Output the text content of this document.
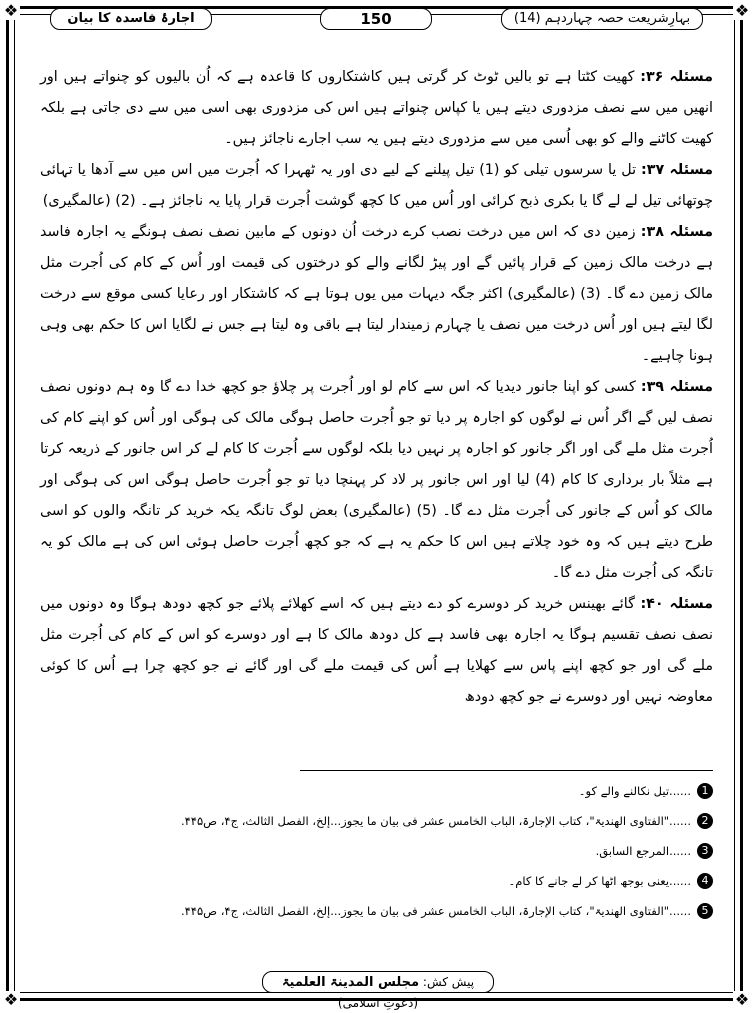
❖	❖
❖	❖
بہارِشریعت حصہ چہاردہم (14)
150
اجارۂ فاسدہ کا بیان

مسئلہ ۳۶: کھیت کٹتا ہے تو بالیں ٹوٹ کر گرتی ہیں کاشتکاروں کا قاعدہ ہے کہ اُن بالیوں کو چنواتے ہیں اور انھیں میں سے نصف مزدوری دیتے ہیں یا کپاس چنواتے ہیں اس کی مزدوری بھی اسی میں سے دی جاتی ہے بلکہ کھیت کاٹنے والے کو بھی اُسی میں سے مزدوری دیتے ہیں یہ سب اجارے ناجائز ہیں۔

مسئلہ ۳۷: تل یا سرسوں تیلی کو (1) تیل پیلنے کے لیے دی اور یہ ٹھہرا کہ اُجرت میں اس میں سے آدھا یا تہائی چوتھائی تیل لے لے گا یا بکری ذبح کرائی اور اُس میں کا کچھ گوشت اُجرت قرار پایا یہ ناجائز ہے۔ (2) (عالمگیری)

مسئلہ ۳۸: زمین دی کہ اس میں درخت نصب کرے درخت اُن دونوں کے مابین نصف نصف ہونگے یہ اجارہ فاسد ہے درخت مالک زمین کے قرار پائیں گے اور پیڑ لگانے والے کو درختوں کی قیمت اور اُس کے کام کی اُجرت مثل مالک زمین دے گا۔ (3) (عالمگیری) اکثر جگہ دیہات میں یوں ہوتا ہے کہ کاشتکار اور رعایا کسی موقع سے درخت لگا لیتے ہیں اور اُس درخت میں نصف یا چہارم زمیندار لیتا ہے باقی وہ لیتا ہے جس نے لگایا اس کا حکم بھی وہی ہونا چاہیے۔

مسئلہ ۳۹: کسی کو اپنا جانور دیدیا کہ اس سے کام لو اور اُجرت پر چلاؤ جو کچھ خدا دے گا وہ ہم دونوں نصف نصف لیں گے اگر اُس نے لوگوں کو اجارہ پر دیا تو جو اُجرت حاصل ہوگی مالک کی ہوگی اور اُس کو اپنے کام کی اُجرت مثل ملے گی اور اگر جانور کو اجارہ پر نہیں دیا بلکہ لوگوں سے اُجرت کا کام لے کر اس جانور کے ذریعہ کرتا ہے مثلاً بار برداری کا کام (4) لیا اور اس جانور پر لاد کر پہنچا دیا تو جو اُجرت حاصل ہوگی اس کی ہوگی اور مالک کو اُس کے جانور کی اُجرت مثل دے گا۔ (5) (عالمگیری) بعض لوگ تانگہ یکہ خرید کر تانگہ والوں کو اسی طرح دیتے ہیں کہ وہ خود چلاتے ہیں اس کا حکم یہ ہے کہ جو کچھ اُجرت حاصل ہوئی اس کی ہے مالک کو یہ تانگہ کی اُجرت مثل دے گا۔

مسئلہ ۴۰: گائے بھینس خرید کر دوسرے کو دے دیتے ہیں کہ اسے کھلائے پلائے جو کچھ دودھ ہوگا وہ دونوں میں نصف نصف تقسیم ہوگا یہ اجارہ بھی فاسد ہے کل دودھ مالک کا ہے اور دوسرے کو اس کے کام کی اُجرت مثل ملے گی اور جو کچھ اپنے پاس سے کھلایا ہے اُس کی قیمت ملے گی اور گائے نے جو کچھ چرا ہے اُس کا کوئی معاوضہ نہیں اور دوسرے نے جو کچھ دودھ

1
......تیل نکالنے والے کو۔

2
......"الفتاوی الھندیۃ"، کتاب الإجارۃ، الباب الخامس عشر فی بیان ما یجوز...إلخ، الفصل الثالث، ج۴، ص۴۴۵.

3
......المرجع السابق.

4
......یعنی بوجھ اٹھا کر لے جانے کا کام۔

5
......"الفتاوی الھندیۃ"، کتاب الإجارۃ، الباب الخامس عشر فی بیان ما یجوز...إلخ، الفصل الثالث، ج۴، ص۴۴۵.

پیش کش: مجلس المدینۃ العلمیۃ (دعوتِ اسلامی)
